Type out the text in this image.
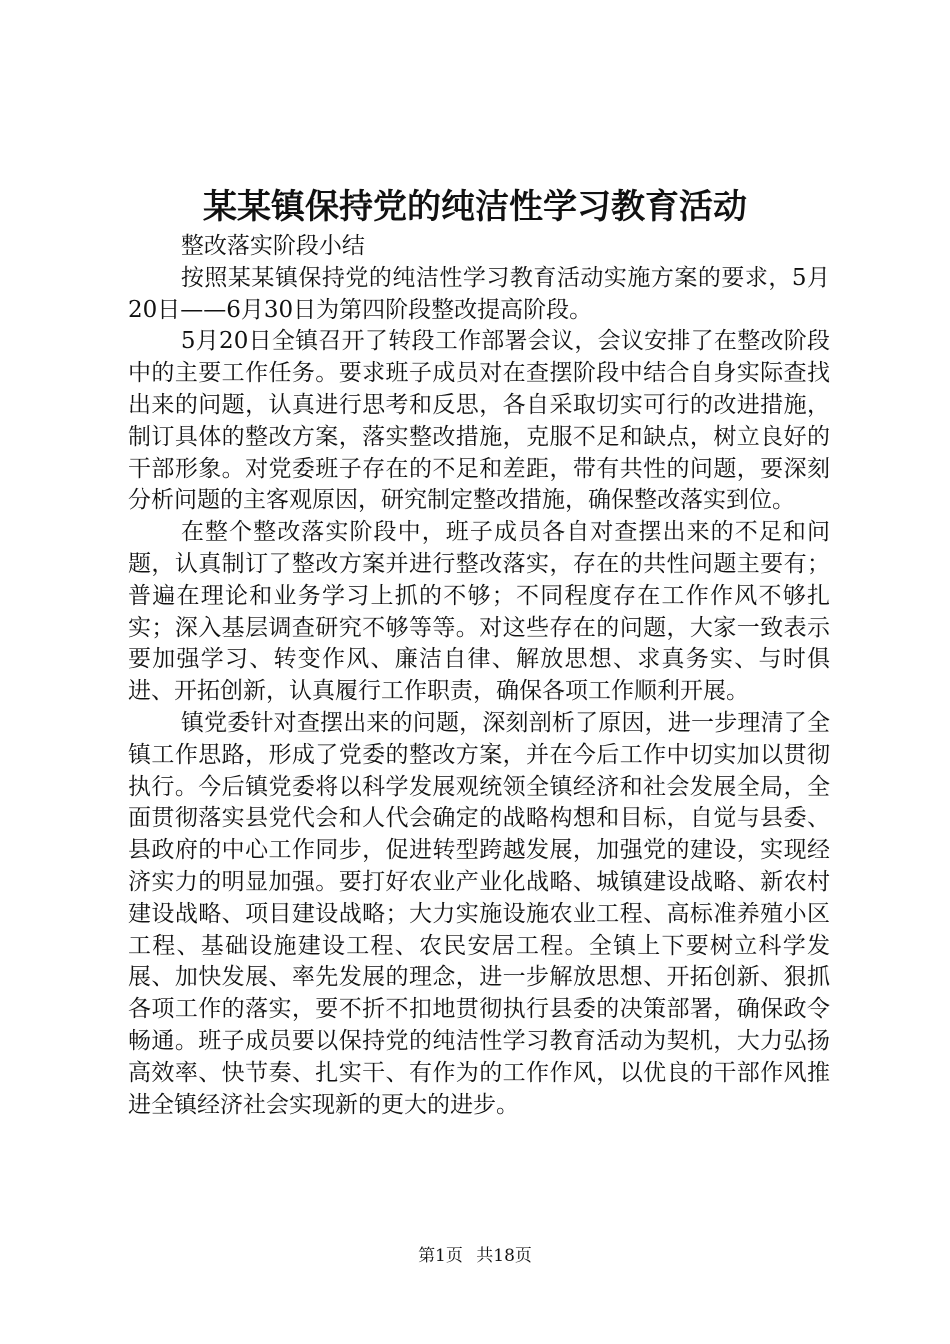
某某镇保持党的纯洁性学习教育活动

整改落实阶段小结

按照某某镇保持党的纯洁性学习教育活动实施方案的要求，5月20日——6月30日为第四阶段整改提高阶段。

5月20日全镇召开了转段工作部署会议，会议安排了在整改阶段中的主要工作任务。要求班子成员对在查摆阶段中结合自身实际查找出来的问题，认真进行思考和反思，各自采取切实可行的改进措施，制订具体的整改方案，落实整改措施，克服不足和缺点，树立良好的干部形象。对党委班子存在的不足和差距，带有共性的问题，要深刻分析问题的主客观原因，研究制定整改措施，确保整改落实到位。

在整个整改落实阶段中，班子成员各自对查摆出来的不足和问题，认真制订了整改方案并进行整改落实，存在的共性问题主要有；普遍在理论和业务学习上抓的不够；不同程度存在工作作风不够扎实；深入基层调查研究不够等等。对这些存在的问题，大家一致表示要加强学习、转变作风、廉洁自律、解放思想、求真务实、与时俱进、开拓创新，认真履行工作职责，确保各项工作顺利开展。

镇党委针对查摆出来的问题，深刻剖析了原因，进一步理清了全镇工作思路，形成了党委的整改方案，并在今后工作中切实加以贯彻执行。今后镇党委将以科学发展观统领全镇经济和社会发展全局，全面贯彻落实县党代会和人代会确定的战略构想和目标，自觉与县委、县政府的中心工作同步，促进转型跨越发展，加强党的建设，实现经济实力的明显加强。要打好农业产业化战略、城镇建设战略、新农村建设战略、项目建设战略；大力实施设施农业工程、高标准养殖小区工程、基础设施建设工程、农民安居工程。全镇上下要树立科学发展、加快发展、率先发展的理念，进一步解放思想、开拓创新、狠抓各项工作的落实，要不折不扣地贯彻执行县委的决策部署，确保政令畅通。班子成员要以保持党的纯洁性学习教育活动为契机，大力弘扬高效率、快节奏、扎实干、有作为的工作作风，以优良的干部作风推进全镇经济社会实现新的更大的进步。

第1页 共18页
